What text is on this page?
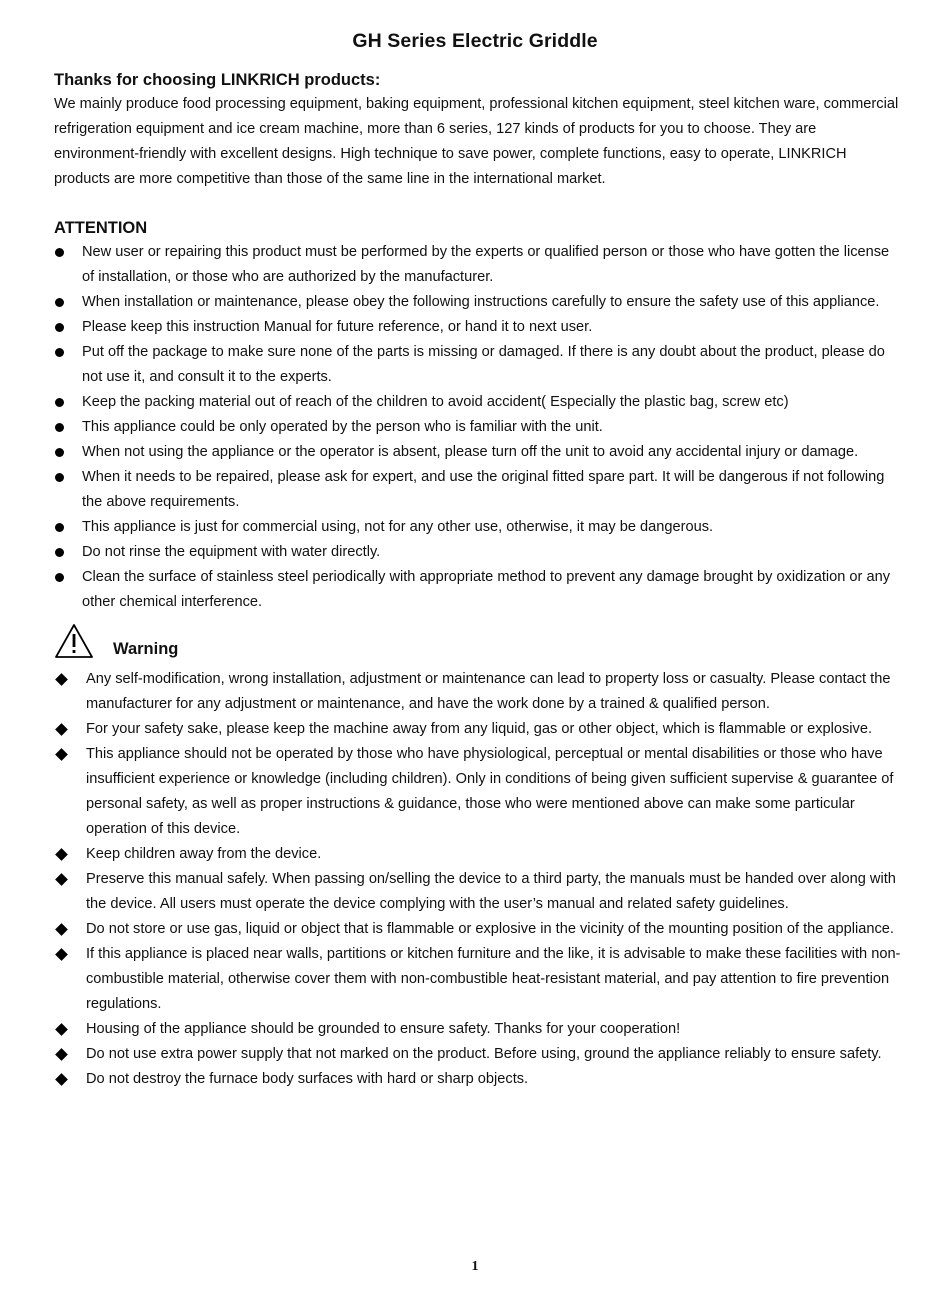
GH Series Electric Griddle
Thanks for choosing LINKRICH products:
We mainly produce food processing equipment, baking equipment, professional kitchen equipment, steel kitchen ware, commercial refrigeration equipment and ice cream machine, more than 6 series, 127 kinds of products for you to choose. They are environment-friendly with excellent designs. High technique to save power, complete functions, easy to operate, LINKRICH products are more competitive than those of the same line in the international market.
ATTENTION
New user or repairing this product must be performed by the experts or qualified person or those who have gotten the license of installation, or those who are authorized by the manufacturer.
When installation or maintenance, please obey the following instructions carefully to ensure the safety use of this appliance.
Please keep this instruction Manual for future reference, or hand it to next user.
Put off the package to make sure none of the parts is missing or damaged. If there is any doubt about the product, please do not use it, and consult it to the experts.
Keep the packing material out of reach of the children to avoid accident( Especially the plastic bag, screw etc)
This appliance could be only operated by the person who is familiar with the unit.
When not using the appliance or the operator is absent, please turn off the unit to avoid any accidental injury or damage.
When it needs to be repaired, please ask for expert, and use the original fitted spare part. It will be dangerous if not following the above requirements.
This appliance is just for commercial using, not for any other use, otherwise, it may be dangerous.
Do not rinse the equipment with water directly.
Clean the surface of stainless steel periodically with appropriate method to prevent any damage brought by oxidization or any other chemical interference.
Warning
Any self-modification, wrong installation, adjustment or maintenance can lead to property loss or casualty. Please contact the manufacturer for any adjustment or maintenance, and have the work done by a trained & qualified person.
For your safety sake, please keep the machine away from any liquid, gas or other object, which is flammable or explosive.
This appliance should not be operated by those who have physiological, perceptual or mental disabilities or those who have insufficient experience or knowledge (including children). Only in conditions of being given sufficient supervise & guarantee of personal safety, as well as proper instructions & guidance, those who were mentioned above can make some particular operation of this device.
Keep children away from the device.
Preserve this manual safely. When passing on/selling the device to a third party, the manuals must be handed over along with the device. All users must operate the device complying with the user’s manual and related safety guidelines.
Do not store or use gas, liquid or object that is flammable or explosive in the vicinity of the mounting position of the appliance.
If this appliance is placed near walls, partitions or kitchen furniture and the like, it is advisable to make these facilities with non-combustible material, otherwise cover them with non-combustible heat-resistant material, and pay attention to fire prevention regulations.
Housing of the appliance should be grounded to ensure safety. Thanks for your cooperation!
Do not use extra power supply that not marked on the product. Before using, ground the appliance reliably to ensure safety.
Do not destroy the furnace body surfaces with hard or sharp objects.
1
